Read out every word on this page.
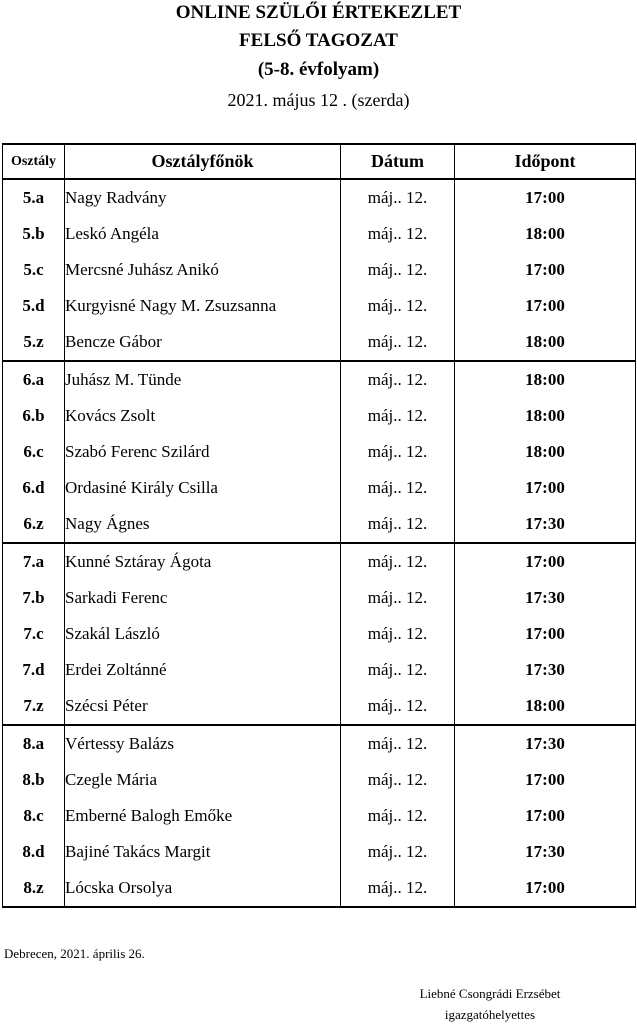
ONLINE SZÜLŐI ÉRTEKEZLET
FELSŐ TAGOZAT
(5-8. évfolyam)
2021. május 12 . (szerda)
Osztály	Osztályfőnök	Dátum	Időpont
5.a	Nagy Radvány	máj.. 12.	17:00
5.b	Leskó Angéla	máj.. 12.	18:00
5.c	Mercsné Juhász Anikó	máj.. 12.	17:00
5.d	Kurgyisné Nagy M. Zsuzsanna	máj.. 12.	17:00
5.z	Bencze Gábor	máj.. 12.	18:00
6.a	Juhász M. Tünde	máj.. 12.	18:00
6.b	Kovács Zsolt	máj.. 12.	18:00
6.c	Szabó Ferenc Szilárd	máj.. 12.	18:00
6.d	Ordasiné Király Csilla	máj.. 12.	17:00
6.z	Nagy Ágnes	máj.. 12.	17:30
7.a	Kunné Sztáray Ágota	máj.. 12.	17:00
7.b	Sarkadi Ferenc	máj.. 12.	17:30
7.c	Szakál László	máj.. 12.	17:00
7.d	Erdei Zoltánné	máj.. 12.	17:30
7.z	Szécsi Péter	máj.. 12.	18:00
8.a	Vértessy Balázs	máj.. 12.	17:30
8.b	Czegle Mária	máj.. 12.	17:00
8.c	Emberné Balogh Emőke	máj.. 12.	17:00
8.d	Bajiné Takács Margit	máj.. 12.	17:30
8.z	Lócska Orsolya	máj.. 12.	17:00
Debrecen, 2021. április 26.
Liebné Csongrádi Erzsébet
igazgatóhelyettes
